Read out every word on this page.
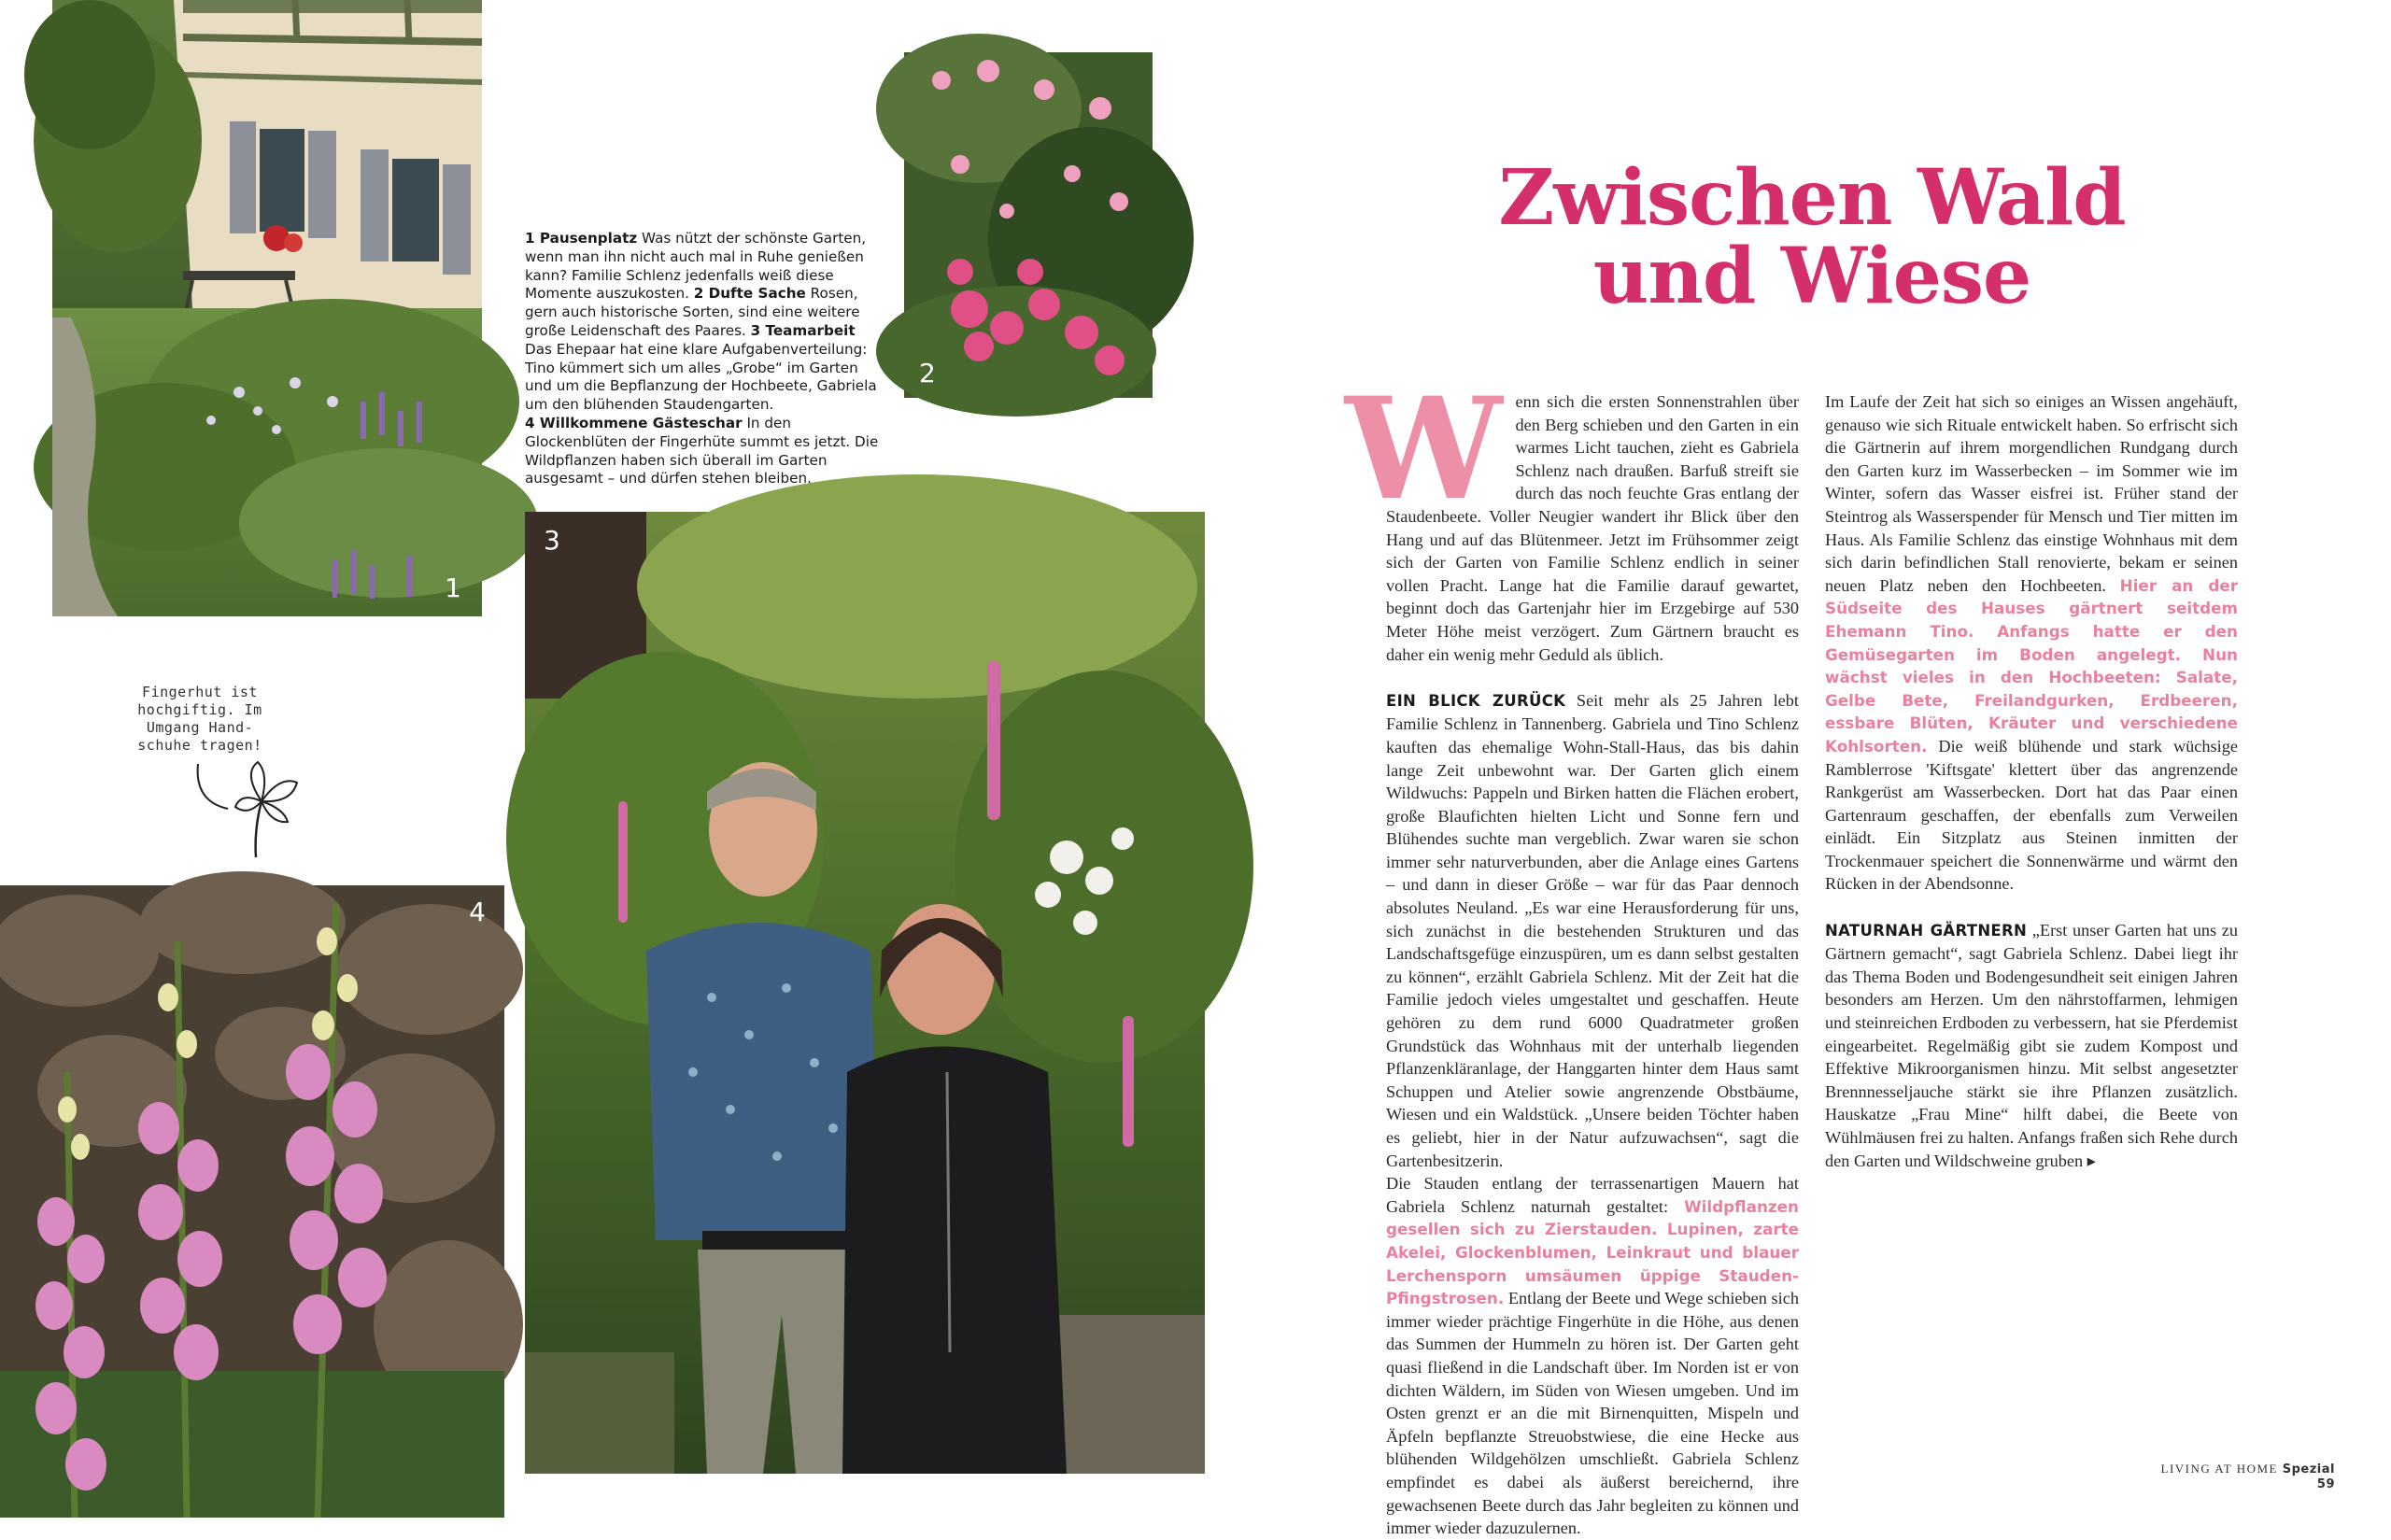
1
2
1 Pausenplatz Was nützt der schönste Garten, wenn man ihn nicht auch mal in Ruhe genießen kann? Familie Schlenz jedenfalls weiß diese Momente auszukosten. 2 Dufte Sache Rosen, gern auch historische Sorten, sind eine weitere große Leidenschaft des Paares. 3 Teamarbeit Das Ehepaar hat eine klare Aufgabenverteilung: Tino kümmert sich um alles „Grobe“ im Garten und um die Bepflanzung der Hochbeete, Gabriela um den blühenden Staudengarten.
4 Willkommene Gästeschar In den Glockenblüten der Fingerhüte summt es jetzt. Die Wildpflanzen haben sich überall im Garten ausgesamt – und dürfen stehen bleiben.
3
Fingerhut ist
hochgiftig. Im
Umgang Hand-
schuhe tragen!
4
Zwischen Wald
und Wiese

Wenn sich die ersten Sonnenstrahlen über den Berg schieben und den Garten in ein warmes Licht tauchen, zieht es Gabriela Schlenz nach draußen. Barfuß streift sie durch das noch feuchte Gras entlang der Staudenbeete. Voller Neugier wandert ihr Blick über den Hang und auf das Blütenmeer. Jetzt im Frühsommer zeigt sich der Garten von Familie Schlenz endlich in seiner vollen Pracht. Lange hat die Familie darauf gewartet, beginnt doch das Gartenjahr hier im Erzgebirge auf 530 Meter Höhe meist verzögert. Zum Gärtnern braucht es daher ein wenig mehr Geduld als üblich.

EIN BLICK ZURÜCK Seit mehr als 25 Jahren lebt Familie Schlenz in Tannenberg. Gabriela und Tino Schlenz kauften das ehemalige Wohn-Stall-Haus, das bis dahin lange Zeit unbewohnt war. Der Garten glich einem Wildwuchs: Pappeln und Birken hatten die Flächen erobert, große Blaufichten hielten Licht und Sonne fern und Blühendes suchte man vergeblich. Zwar waren sie schon immer sehr naturverbunden, aber die Anlage eines Gartens – und dann in dieser Größe – war für das Paar dennoch absolutes Neuland. „Es war eine Herausforderung für uns, sich zunächst in die bestehenden Strukturen und das Landschaftsgefüge einzuspüren, um es dann selbst gestalten zu können“, erzählt Gabriela Schlenz. Mit der Zeit hat die Familie jedoch vieles umgestaltet und geschaffen. Heute gehören zu dem rund 6000 Quadratmeter großen Grundstück das Wohnhaus mit der unterhalb liegenden Pflanzenkläranlage, der Hanggarten hinter dem Haus samt Schuppen und Atelier sowie angrenzende Obstbäume, Wiesen und ein Waldstück. „Unsere beiden Töchter haben es geliebt, hier in der Natur aufzuwachsen“, sagt die Gartenbesitzerin.

Die Stauden entlang der terrassenartigen Mauern hat Gabriela Schlenz naturnah gestaltet: Wildpflanzen gesellen sich zu Zierstauden. Lupinen, zarte Akelei, Glockenblumen, Leinkraut und blauer Lerchensporn umsäumen üppige Stauden-Pfingstrosen. Entlang der Beete und Wege schieben sich immer wieder prächtige Fingerhüte in die Höhe, aus denen das Summen der Hummeln zu hören ist. Der Garten geht quasi fließend in die Landschaft über. Im Norden ist er von dichten Wäldern, im Süden von Wiesen umgeben. Und im Osten grenzt er an die mit Birnenquitten, Mispeln und Äpfeln bepflanzte Streuobstwiese, die eine Hecke aus blühenden Wildgehölzen umschließt. Gabriela Schlenz empfindet es dabei als äußerst bereichernd, ihre gewachsenen Beete durch das Jahr begleiten zu können und immer wieder dazuzulernen.

Im Laufe der Zeit hat sich so einiges an Wissen angehäuft, genauso wie sich Rituale entwickelt haben. So erfrischt sich die Gärtnerin auf ihrem morgendlichen Rundgang durch den Garten kurz im Wasserbecken – im Sommer wie im Winter, sofern das Wasser eisfrei ist. Früher stand der Steintrog als Wasserspender für Mensch und Tier mitten im Haus. Als Familie Schlenz das einstige Wohnhaus mit dem sich darin befindlichen Stall renovierte, bekam er seinen neuen Platz neben den Hochbeeten. Hier an der Südseite des Hauses gärtnert seitdem Ehemann Tino. Anfangs hatte er den Gemüsegarten im Boden angelegt. Nun wächst vieles in den Hochbeeten: Salate, Gelbe Bete, Freilandgurken, Erdbeeren, essbare Blüten, Kräuter und verschiedene Kohlsorten. Die weiß blühende und stark wüchsige Ramblerrose 'Kiftsgate' klettert über das angrenzende Rankgerüst am Wasserbecken. Dort hat das Paar einen Gartenraum geschaffen, der ebenfalls zum Verweilen einlädt. Ein Sitzplatz aus Steinen inmitten der Trockenmauer speichert die Sonnenwärme und wärmt den Rücken in der Abendsonne.

NATURNAH GÄRTNERN „Erst unser Garten hat uns zu Gärtnern gemacht“, sagt Gabriela Schlenz. Dabei liegt ihr das Thema Boden und Bodengesundheit seit einigen Jahren besonders am Herzen. Um den nährstoffarmen, lehmigen und steinreichen Erdboden zu verbessern, hat sie Pferdemist eingearbeitet. Regelmäßig gibt sie zudem Kompost und Effektive Mikroorganismen hinzu. Mit selbst angesetzter Brennnesseljauche stärkt sie ihre Pflanzen zusätzlich. Hauskatze „Frau Mine“ hilft dabei, die Beete von Wühlmäusen frei zu halten. Anfangs fraßen sich Rehe durch den Garten und Wildschweine gruben ▸

LIVING AT HOME Spezial 59
